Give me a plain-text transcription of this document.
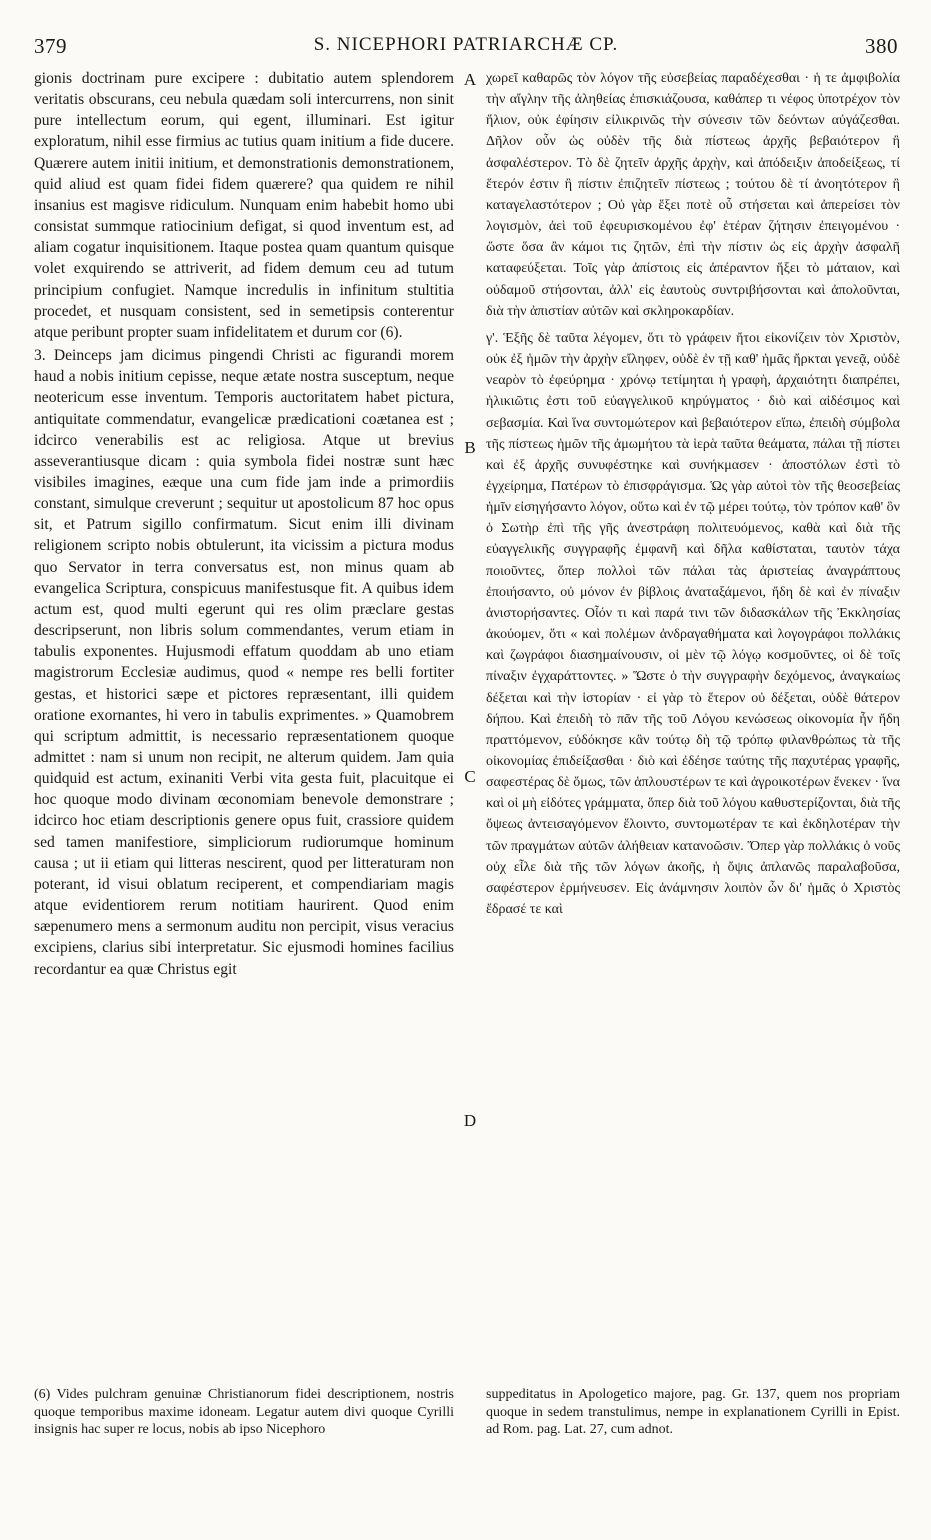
379	S. NICEPHORI PATRIARCHÆ CP.	380

gionis doctrinam pure excipere : dubitatio autem splendorem veritatis obscurans, ceu nebula quædam soli intercurrens, non sinit pure intellectum eorum, qui egent, illuminari. Est igitur exploratum, nihil esse firmius ac tutius quam initium a fide ducere. Quærere autem initii initium, et demonstrationis demonstrationem, quid aliud est quam fidei fidem quærere? qua quidem re nihil insanius est magisve ridiculum. Nunquam enim habebit homo ubi consistat summque ratiocinium defigat, si quod inventum est, ad aliam cogatur inquisitionem. Itaque postea quam quantum quisque volet exquirendo se attriverit, ad fidem demum ceu ad tutum principium confugiet. Namque incredulis in infinitum stultitia procedet, et nusquam consistent, sed in semetipsis conterentur atque peribunt propter suam infidelitatem et durum cor (6).

3. Deinceps jam dicimus pingendi Christi ac figurandi morem haud a nobis initium cepisse, neque ætate nostra susceptum, neque neotericum esse inventum. Temporis auctoritatem habet pictura, antiquitate commendatur, evangelicæ prædicationi coætanea est ; idcirco venerabilis est ac religiosa. Atque ut brevius asseverantiusque dicam : quia symbola fidei nostræ sunt hæc visibiles imagines, eæque una cum fide jam inde a primordiis constant, simulque creverunt ; sequitur ut apostolicum 87 hoc opus sit, et Patrum sigillo confirmatum. Sicut enim illi divinam religionem scripto nobis obtulerunt, ita vicissim a pictura modus quo Servator in terra conversatus est, non minus quam ab evangelica Scriptura, conspicuus manifestusque fit. A quibus idem actum est, quod multi egerunt qui res olim præclare gestas descripserunt, non libris solum commendantes, verum etiam in tabulis exponentes. Hujusmodi effatum quoddam ab uno etiam magistrorum Ecclesiæ audimus, quod « nempe res belli fortiter gestas, et historici sæpe et pictores repræsentant, illi quidem oratione exornantes, hi vero in tabulis exprimentes. » Quamobrem qui scriptum admittit, is necessario repræsentationem quoque admittet : nam si unum non recipit, ne alterum quidem. Jam quia quidquid est actum, exinaniti Verbi vita gesta fuit, placuitque ei hoc quoque modo divinam œconomiam benevole demonstrare ; idcirco hoc etiam descriptionis genere opus fuit, crassiore quidem sed tamen manifestiore, simpliciorum rudiorumque hominum causa ; ut ii etiam qui litteras nescirent, quod per litteraturam non poterant, id visui oblatum reciperent, et compendiariam magis atque evidentiorem rerum notitiam haurirent. Quod enim sæpenumero mens a sermonum auditu non percipit, visus veracius excipiens, clarius sibi interpretatur. Sic ejusmodi homines facilius recordantur ea quæ Christus egit

A
B
C
D

χωρεῖ καθαρῶς τὸν λόγον τῆς εὐσεβείας παραδέχεσθαι · ἡ τε ἀμφιβολία τὴν αἴγλην τῆς ἀληθείας ἐπισκιάζουσα, καθάπερ τι νέφος ὑποτρέχον τὸν ἥλιον, οὐκ ἐφίησιν εἰλικρινῶς τὴν σύνεσιν τῶν δεόντων αὐγάζεσθαι. Δῆλον οὖν ὡς οὐδὲν τῆς διὰ πίστεως ἀρχῆς βεβαιότερον ἢ ἀσφαλέστερον. Τὸ δὲ ζητεῖν ἀρχῆς ἀρχὴν, καὶ ἀπόδειξιν ἀποδείξεως, τί ἕτερόν ἐστιν ἢ πίστιν ἐπιζητεῖν πίστεως ; τούτου δὲ τί ἀνοητότερον ἢ καταγελαστότερον ; Οὐ γὰρ ἕξει ποτὲ οὗ στήσεται καὶ ἀπερείσει τὸν λογισμὸν, ἀεὶ τοῦ ἐφευρισκομένου ἐφ' ἑτέραν ζήτησιν ἐπειγομένου · ὥστε ὅσα ἂν κάμοι τις ζητῶν, ἐπὶ τὴν πίστιν ὡς εἰς ἀρχὴν ἀσφαλῆ καταφεύξεται. Τοῖς γὰρ ἀπίστοις εἰς ἀπέραντον ἥξει τὸ μάταιον, καὶ οὐδαμοῦ στήσονται, ἀλλ' εἰς ἑαυτοὺς συντριβήσονται καὶ ἀπολοῦνται, διὰ τὴν ἀπιστίαν αὐτῶν καὶ σκληροκαρδίαν.

γ'. Ἑξῆς δὲ ταῦτα λέγομεν, ὅτι τὸ γράφειν ἤτοι εἰκονίζειν τὸν Χριστὸν, οὐκ ἐξ ἡμῶν τὴν ἀρχὴν εἴληφεν, οὐδὲ ἐν τῇ καθ' ἡμᾶς ἤρκται γενεᾷ, οὐδὲ νεαρὸν τὸ ἐφεύρημα · χρόνῳ τετίμηται ἡ γραφὴ, ἀρχαιότητι διαπρέπει, ἡλικιῶτις ἐστι τοῦ εὐαγγελικοῦ κηρύγματος · διὸ καὶ αἰδέσιμος καὶ σεβασμία. Καὶ ἵνα συντομώτερον καὶ βεβαιότερον εἴπω, ἐπειδὴ σύμβολα τῆς πίστεως ἡμῶν τῆς ἀμωμήτου τὰ ἱερὰ ταῦτα θεάματα, πάλαι τῇ πίστει καὶ ἐξ ἀρχῆς συνυφέστηκε καὶ συνήκμασεν · ἀποστόλων ἐστὶ τὸ ἐγχείρημα, Πατέρων τὸ ἐπισφράγισμα. Ὡς γὰρ αὐτοὶ τὸν τῆς θεοσεβείας ἡμῖν εἰσηγήσαντο λόγον, οὕτω καὶ ἐν τῷ μέρει τούτῳ, τὸν τρόπον καθ' ὃν ὁ Σωτὴρ ἐπὶ τῆς γῆς ἀνεστράφη πολιτευόμενος, καθὰ καὶ διὰ τῆς εὐαγγελικῆς συγγραφῆς ἐμφανῆ καὶ δῆλα καθίσταται, ταυτὸν τάχα ποιοῦντες, ὅπερ πολλοὶ τῶν πάλαι τὰς ἀριστείας ἀναγράπτους ἐποιήσαντο, οὐ μόνον ἐν βίβλοις ἀναταξάμενοι, ἤδη δὲ καὶ ἐν πίναξιν ἀνιστορήσαντες. Οἷόν τι καὶ παρά τινι τῶν διδασκάλων τῆς Ἐκκλησίας ἀκούομεν, ὅτι « καὶ πολέμων ἀνδραγαθήματα καὶ λογογράφοι πολλάκις καὶ ζωγράφοι διασημαίνουσιν, οἱ μὲν τῷ λόγῳ κοσμοῦντες, οἱ δὲ τοῖς πίναξιν ἐγχαράττοντες. » Ὥστε ὁ τὴν συγγραφὴν δεχόμενος, ἀναγκαίως δέξεται καὶ τὴν ἱστορίαν · εἰ γὰρ τὸ ἕτερον οὐ δέξεται, οὐδὲ θάτερον δήπου. Καὶ ἐπειδὴ τὸ πᾶν τῆς τοῦ Λόγου κενώσεως οἰκονομία ἦν ἤδη πραττόμενον, εὐδόκησε κἂν τούτῳ δὴ τῷ τρόπῳ φιλανθρώπως τὰ τῆς οἰκονομίας ἐπιδείξασθαι · διὸ καὶ ἐδέησε ταύτης τῆς παχυτέρας γραφῆς, σαφεστέρας δὲ ὅμως, τῶν ἁπλουστέρων τε καὶ ἀγροικοτέρων ἕνεκεν · ἵνα καὶ οἱ μὴ εἰδότες γράμματα, ὅπερ διὰ τοῦ λόγου καθυστερίζονται, διὰ τῆς ὄψεως ἀντεισαγόμενον ἕλοιντο, συντομωτέραν τε καὶ ἐκδηλοτέραν τὴν τῶν πραγμάτων αὐτῶν ἀλήθειαν κατανοῶσιν. Ὅπερ γὰρ πολλάκις ὁ νοῦς οὐχ εἷλε διὰ τῆς τῶν λόγων ἀκοῆς, ἡ ὄψις ἀπλανῶς παραλαβοῦσα, σαφέστερον ἑρμήνευσεν. Εἰς ἀνάμνησιν λοιπὸν ὧν δι' ἡμᾶς ὁ Χριστὸς ἔδρασέ τε καὶ

(6) Vides pulchram genuinæ Christianorum fidei descriptionem, nostris quoque temporibus maxime idoneam. Legatur autem divi quoque Cyrilli insignis hac super re locus, nobis ab ipso Nicephoro

suppeditatus in Apologetico majore, pag. Gr. 137, quem nos propriam quoque in sedem transtulimus, nempe in explanationem Cyrilli in Epist. ad Rom. pag. Lat. 27, cum adnot.
